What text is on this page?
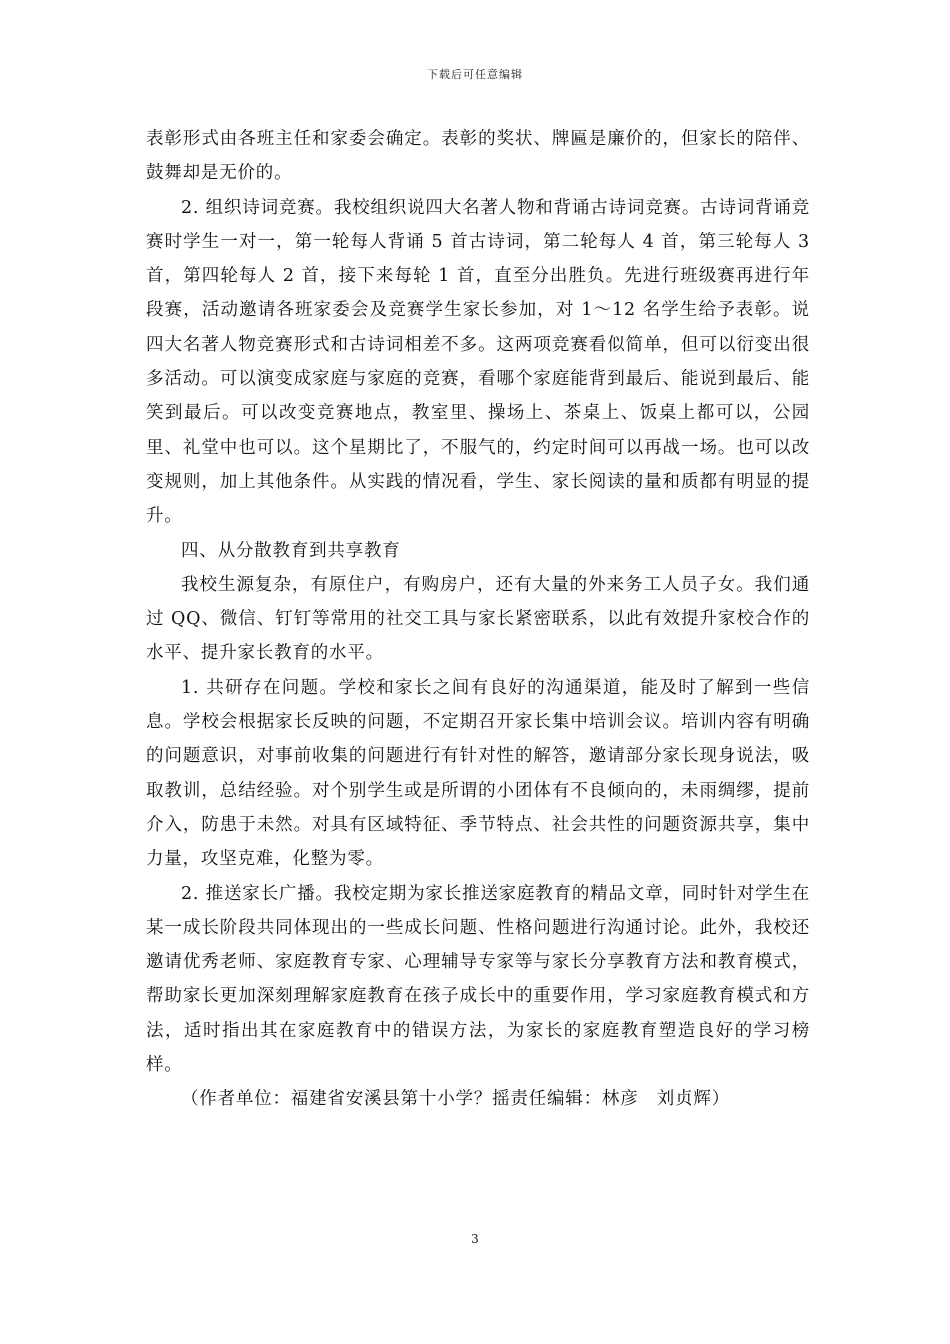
下载后可任意编辑

表彰形式由各班主任和家委会确定。表彰的奖状、牌匾是廉价的，但家长的陪伴、鼓舞却是无价的。

2. 组织诗词竞赛。我校组织说四大名著人物和背诵古诗词竞赛。古诗词背诵竞赛时学生一对一，第一轮每人背诵 5 首古诗词，第二轮每人 4 首，第三轮每人 3 首，第四轮每人 2 首，接下来每轮 1 首，直至分出胜负。先进行班级赛再进行年段赛，活动邀请各班家委会及竞赛学生家长参加，对 1～12 名学生给予表彰。说四大名著人物竞赛形式和古诗词相差不多。这两项竞赛看似简单，但可以衍变出很多活动。可以演变成家庭与家庭的竞赛，看哪个家庭能背到最后、能说到最后、能笑到最后。可以改变竞赛地点，教室里、操场上、茶桌上、饭桌上都可以，公园里、礼堂中也可以。这个星期比了，不服气的，约定时间可以再战一场。也可以改变规则，加上其他条件。从实践的情况看，学生、家长阅读的量和质都有明显的提升。

四、从分散教育到共享教育

我校生源复杂，有原住户，有购房户，还有大量的外来务工人员子女。我们通过 QQ、微信、钉钉等常用的社交工具与家长紧密联系，以此有效提升家校合作的水平、提升家长教育的水平。

1. 共研存在问题。学校和家长之间有良好的沟通渠道，能及时了解到一些信息。学校会根据家长反映的问题，不定期召开家长集中培训会议。培训内容有明确的问题意识，对事前收集的问题进行有针对性的解答，邀请部分家长现身说法，吸取教训，总结经验。对个别学生或是所谓的小团体有不良倾向的，未雨绸缪，提前介入，防患于未然。对具有区域特征、季节特点、社会共性的问题资源共享，集中力量，攻坚克难，化整为零。

2. 推送家长广播。我校定期为家长推送家庭教育的精品文章，同时针对学生在某一成长阶段共同体现出的一些成长问题、性格问题进行沟通讨论。此外，我校还邀请优秀老师、家庭教育专家、心理辅导专家等与家长分享教育方法和教育模式，帮助家长更加深刻理解家庭教育在孩子成长中的重要作用，学习家庭教育模式和方法，适时指出其在家庭教育中的错误方法，为家长的家庭教育塑造良好的学习榜样。

（作者单位：福建省安溪县第十小学？摇责任编辑：林彦　刘贞辉）

3
